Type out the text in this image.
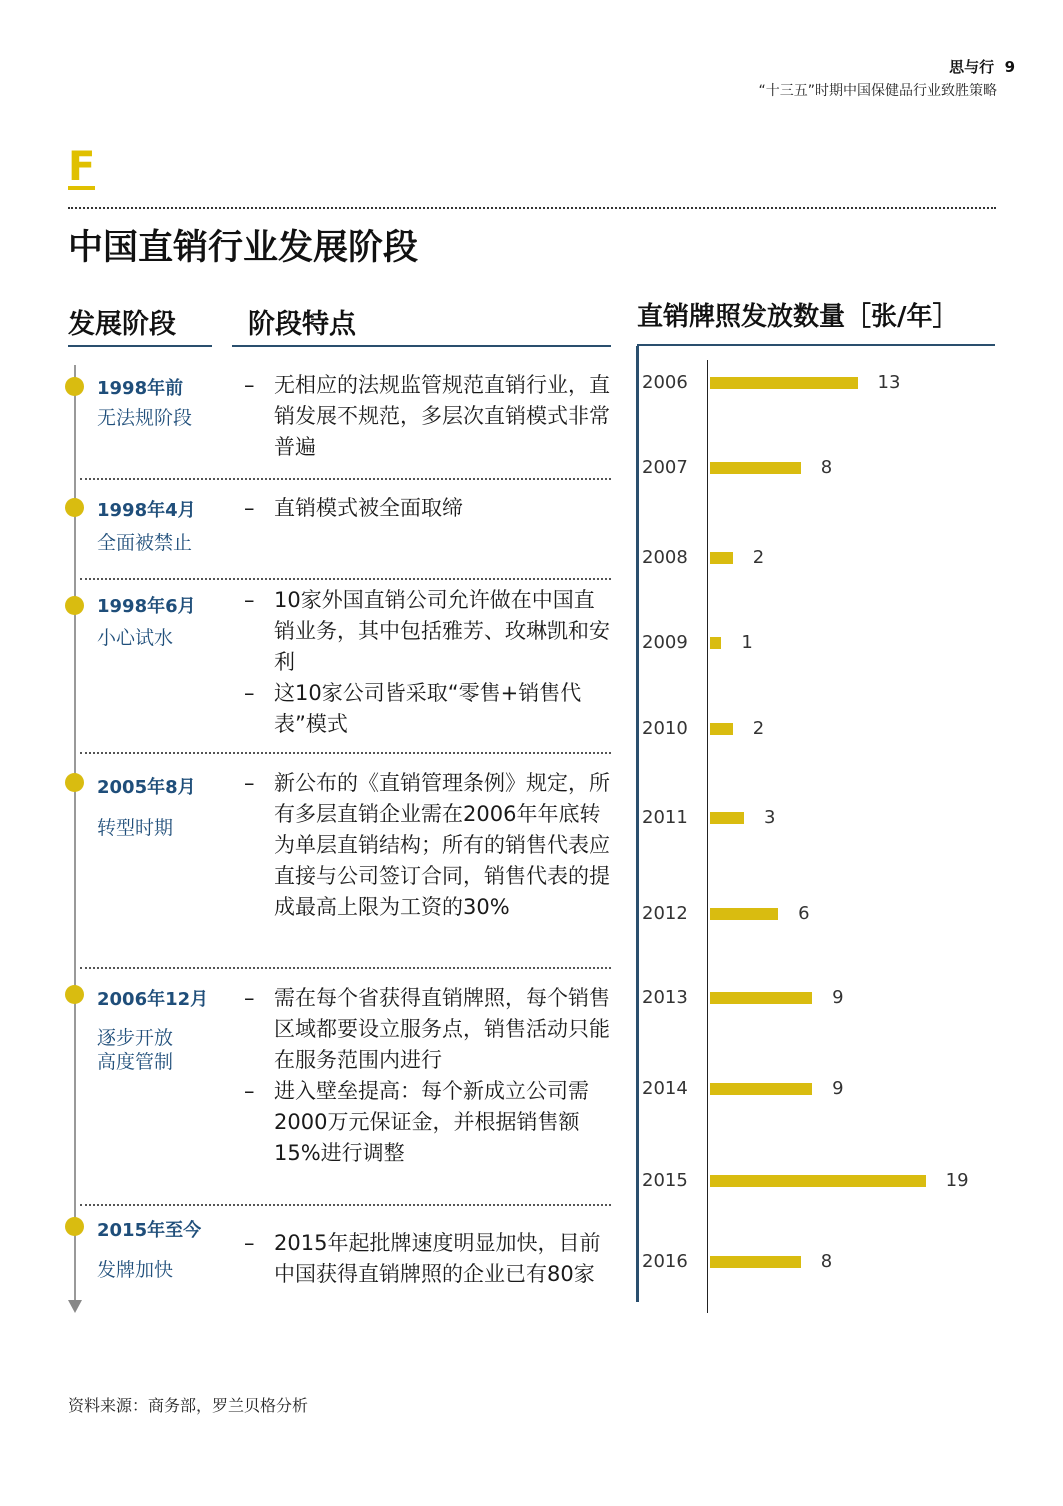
思与行 9
“十三五”时期中国保健品行业致胜策略
F
中国直销行业发展阶段
发展阶段	阶段特点
1998年前
无法规阶段
– 无相应的法规监管规范直销行业，直销发展不规范，多层次直销模式非常普遍
1998年4月
全面被禁止
– 直销模式被全面取缔
1998年6月
小心试水
– 10家外国直销公司允许做在中国直销业务，其中包括雅芳、玫琳凯和安利
– 这10家公司皆采取“零售+销售代表”模式
2005年8月
转型时期
– 新公布的《直销管理条例》规定，所有多层直销企业需在2006年年底转为单层直销结构；所有的销售代表应直接与公司签订合同，销售代表的提成最高上限为工资的30%
2006年12月
逐步开放
高度管制
– 需在每个省获得直销牌照，每个销售区域都要设立服务点，销售活动只能在服务范围内进行
– 进入壁垒提高：每个新成立公司需2000万元保证金，并根据销售额15%进行调整
2015年至今
发牌加快
– 2015年起批牌速度明显加快，目前中国获得直销牌照的企业已有80家
直销牌照发放数量［张/年］
2006	13
2007	8
2008	2
2009	1
2010	2
2011	3
2012	6
2013	9
2014	9
2015	19
2016	8
资料来源：商务部，罗兰贝格分析
